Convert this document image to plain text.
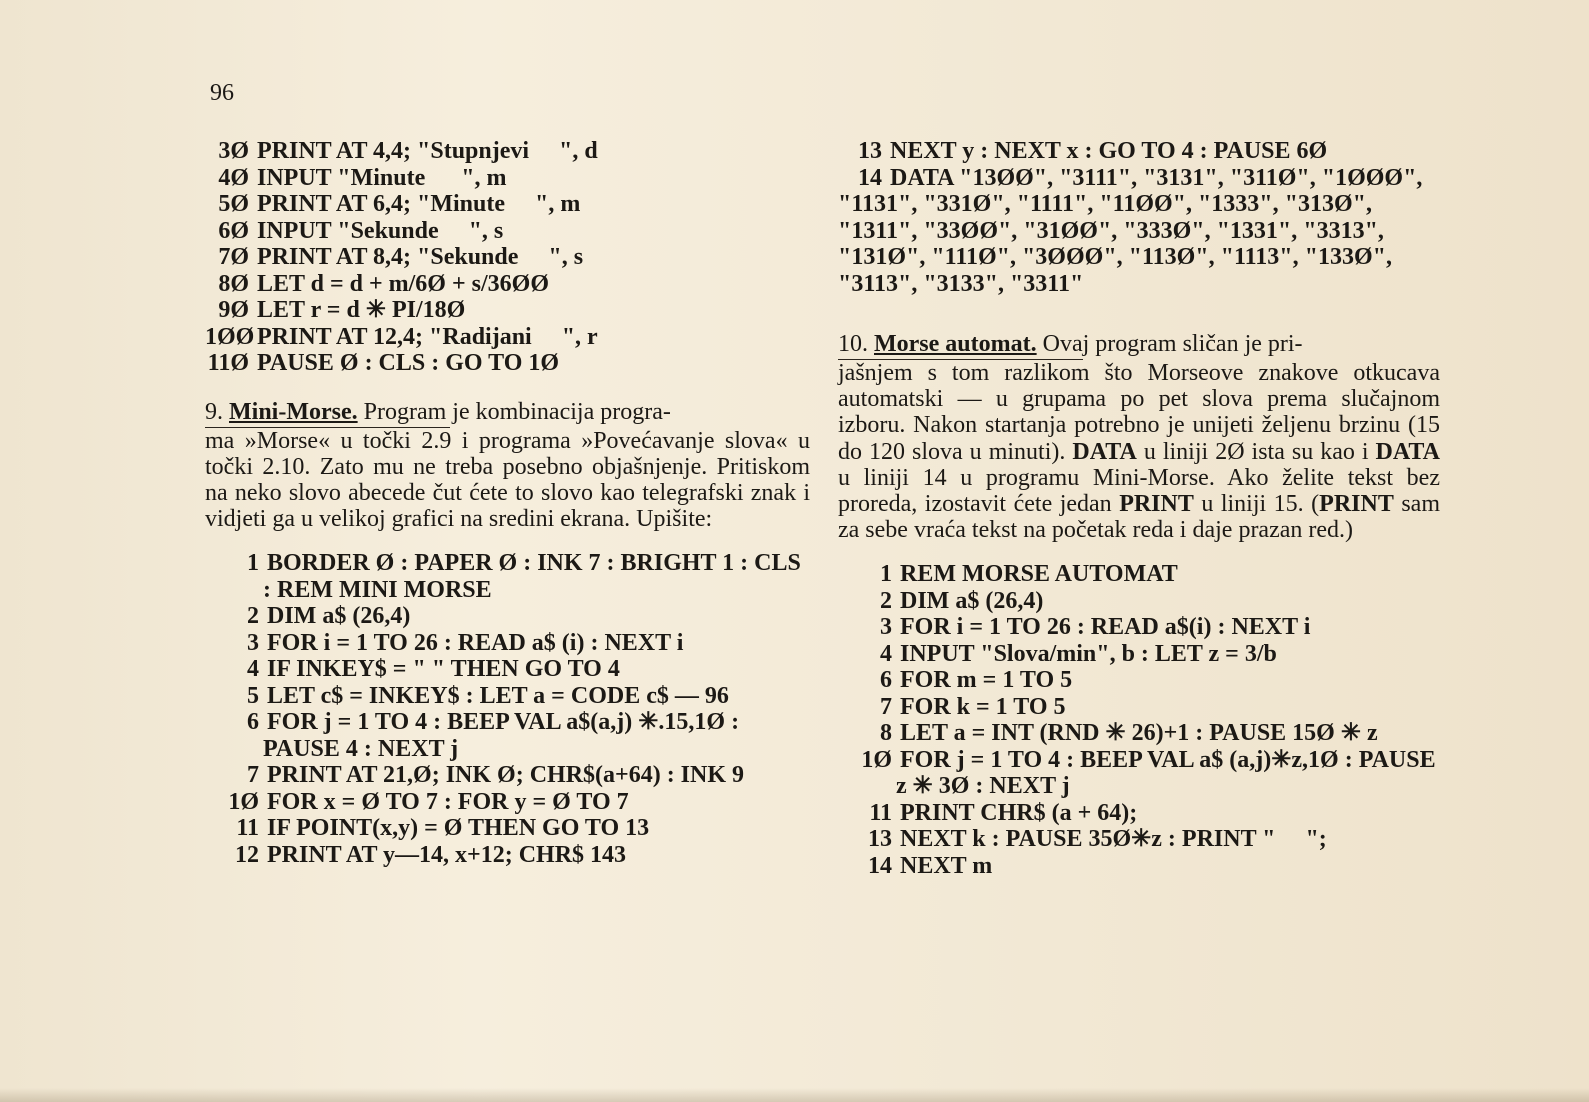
96
3Ø PRINT AT 4,4; "Stupnjevi     ", d
4Ø INPUT "Minute      ", m
5Ø PRINT AT 6,4; "Minute     ", m
6Ø INPUT "Sekunde     ", s
7Ø PRINT AT 8,4; "Sekunde     ", s
8Ø LET d = d + m/6Ø + s/36ØØ
9Ø LET r = d ✳ PI/18Ø
1ØØ PRINT AT 12,4; "Radijani     ", r
11Ø PAUSE Ø : CLS : GO TO 1Ø
9. Mini-Morse. Program je kombinacija progra-
ma »Morse« u točki 2.9 i programa »Povećavanje slova« u točki 2.10. Zato mu ne treba posebno objašnjenje. Pritiskom na neko slovo abecede čut ćete to slovo kao telegrafski znak i vidjeti ga u velikoj grafici na sredini ekrana. Upišite:
1 BORDER Ø : PAPER Ø : INK 7 : BRIGHT 1 : CLS : REM MINI MORSE
2 DIM a$ (26,4)
3 FOR i = 1 TO 26 : READ a$ (i) : NEXT i
4 IF INKEY$ = " " THEN GO TO 4
5 LET c$ = INKEY$ : LET a = CODE c$ — 96
6 FOR j = 1 TO 4 : BEEP VAL a$(a,j) ✳.15,1Ø : PAUSE 4 : NEXT j
7 PRINT AT 21,Ø; INK Ø; CHR$(a+64) : INK 9
1Ø FOR x = Ø TO 7 : FOR y = Ø TO 7
11 IF POINT(x,y) = Ø THEN GO TO 13
12 PRINT AT y—14, x+12; CHR$ 143
13 NEXT y : NEXT x : GO TO 4 : PAUSE 6Ø
14 DATA "13ØØ", "3111", "3131", "311Ø", "1ØØØ", "1131", "331Ø", "1111", "11ØØ", "1333", "313Ø", "1311", "33ØØ", "31ØØ", "333Ø", "1331", "3313", "131Ø", "111Ø", "3ØØØ", "113Ø", "1113", "133Ø", "3113", "3133", "3311"
10. Morse automat. Ovaj program sličan je pri-
jašnjem s tom razlikom što Morseove znakove otkucava automatski — u grupama po pet slova prema slučajnom izboru. Nakon startanja potrebno je unijeti željenu brzinu (15 do 120 slova u minuti). DATA u liniji 2Ø ista su kao i DATA u liniji 14 u programu Mini-Morse. Ako želite tekst bez proreda, izostavit ćete jedan PRINT u liniji 15. (PRINT sam za sebe vraća tekst na početak reda i daje prazan red.)
1 REM MORSE AUTOMAT
2 DIM a$ (26,4)
3 FOR i = 1 TO 26 : READ a$(i) : NEXT i
4 INPUT "Slova/min", b : LET z = 3/b
6 FOR m = 1 TO 5
7 FOR k = 1 TO 5
8 LET a = INT (RND ✳ 26)+1 : PAUSE 15Ø ✳ z
1Ø FOR j = 1 TO 4 : BEEP VAL a$ (a,j)✳z,1Ø : PAUSE z ✳ 3Ø : NEXT j
11 PRINT CHR$ (a + 64);
13 NEXT k : PAUSE 35Ø✳z : PRINT "     ";
14 NEXT m
